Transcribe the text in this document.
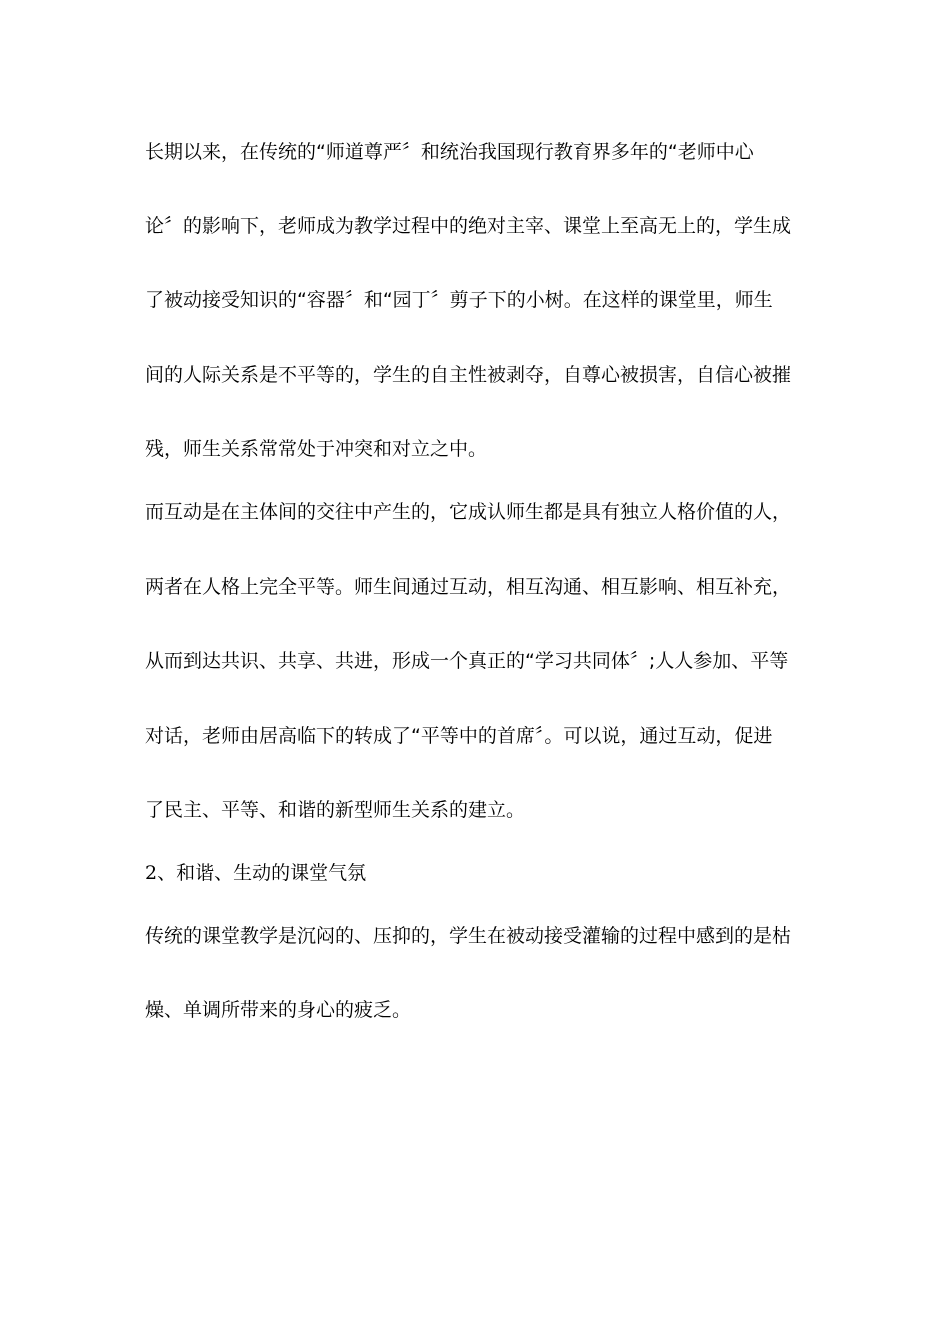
长期以来，在传统的“师道尊严〞和统治我国现行教育界多年的“老师中心
论〞的影响下，老师成为教学过程中的绝对主宰、课堂上至高无上的，学生成
了被动接受知识的“容器〞和“园丁〞剪子下的小树。在这样的课堂里，师生
间的人际关系是不平等的，学生的自主性被剥夺，自尊心被损害，自信心被摧
残，师生关系常常处于冲突和对立之中。
而互动是在主体间的交往中产生的，它成认师生都是具有独立人格价值的人，
两者在人格上完全平等。师生间通过互动，相互沟通、相互影响、相互补充，
从而到达共识、共享、共进，形成一个真正的“学习共同体〞;人人参加、平等
对话，老师由居高临下的转成了“平等中的首席〞。可以说，通过互动，促进
了民主、平等、和谐的新型师生关系的建立。
2、和谐、生动的课堂气氛
传统的课堂教学是沉闷的、压抑的，学生在被动接受灌输的过程中感到的是枯
燥、单调所带来的身心的疲乏。
